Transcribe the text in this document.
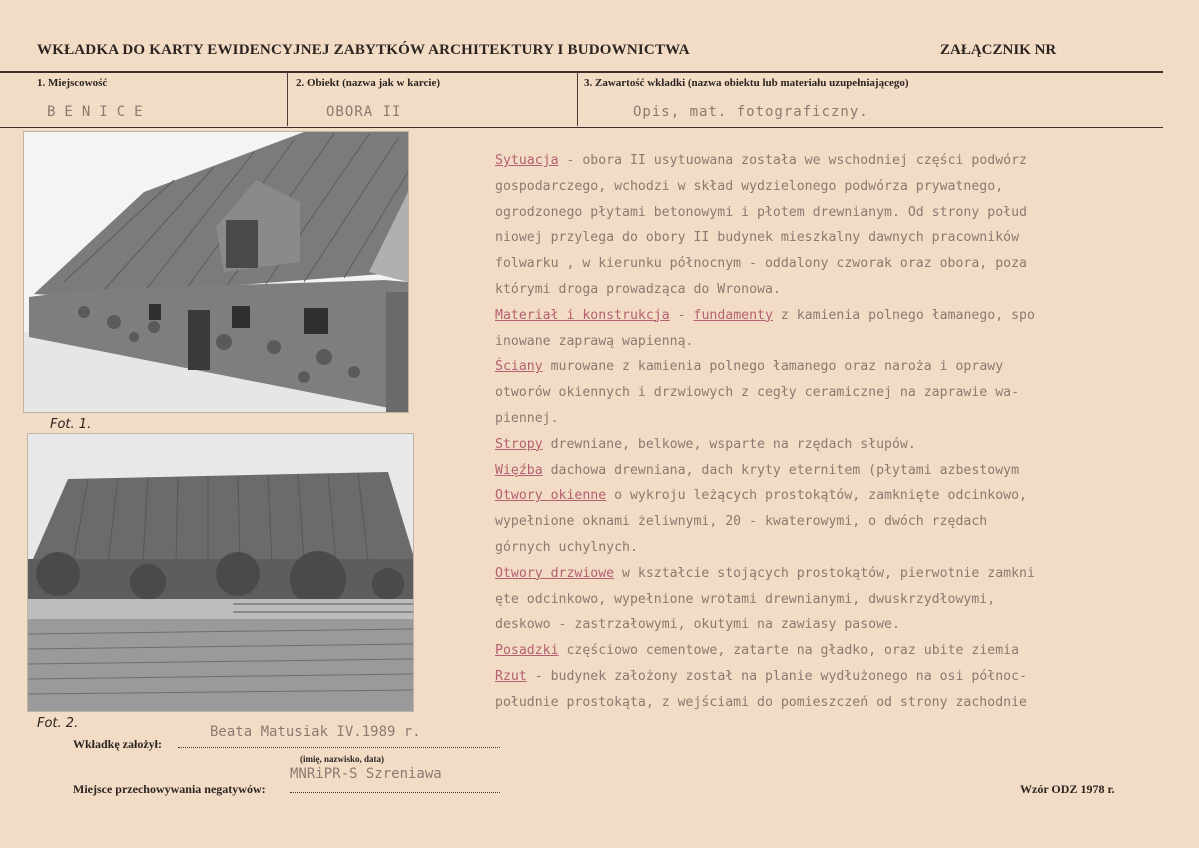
WKŁADKA DO KARTY EWIDENCYJNEJ ZABYTKÓW ARCHITEKTURY I BUDOWNICTWA	ZAŁĄCZNIK NR
1. Miejscowość	2. Obiekt (nazwa jak w karcie)	3. Zawartość wkładki (nazwa obiektu lub materiału uzupełniającego)
BENICE	OBORA II	Opis, mat. fotograficzny.
Fot. 1.
Fot. 2.
Sytuacja - obora II usytuowana została we wschodniej części podwórz
gospodarczego, wchodzi w skład wydzielonego podwórza prywatnego,
ogrodzonego płytami betonowymi i płotem drewnianym. Od strony połud
niowej przylega do obory II budynek mieszkalny dawnych pracowników
folwarku , w kierunku północnym - oddalony czworak oraz obora, poza
którymi droga prowadząca do Wronowa.
Materiał i konstrukcja - fundamenty z kamienia polnego łamanego, spo
inowane zaprawą wapienną.
Ściany murowane z kamienia polnego łamanego oraz naroża i oprawy
otworów okiennych i drzwiowych z cegły ceramicznej na zaprawie wa-
piennej.
Stropy drewniane, belkowe, wsparte na rzędach słupów.
Więźba dachowa drewniana, dach kryty eternitem (płytami azbestowym
Otwory okienne o wykroju leżących prostokątów, zamknięte odcinkowo,
wypełnione oknami żeliwnymi, 20 - kwaterowymi, o dwóch rzędach
górnych uchylnych.
Otwory drzwiowe w kształcie stojących prostokątów, pierwotnie zamkni
ęte odcinkowo, wypełnione wrotami drewnianymi, dwuskrzydłowymi,
deskowo - zastrzałowymi, okutymi na zawiasy pasowe.
Posadzki częściowo cementowe, zatarte na gładko, oraz ubite ziemia
Rzut - budynek założony został na planie wydłużonego na osi północ-
południe prostokąta, z wejściami do pomieszczeń od strony zachodnie
Wkładkę założył:
Beata Matusiak IV.1989 r.
(imię, nazwisko, data)
Miejsce przechowywania negatywów:
MNRiPR-S Szreniawa
Wzór ODZ 1978 r.
